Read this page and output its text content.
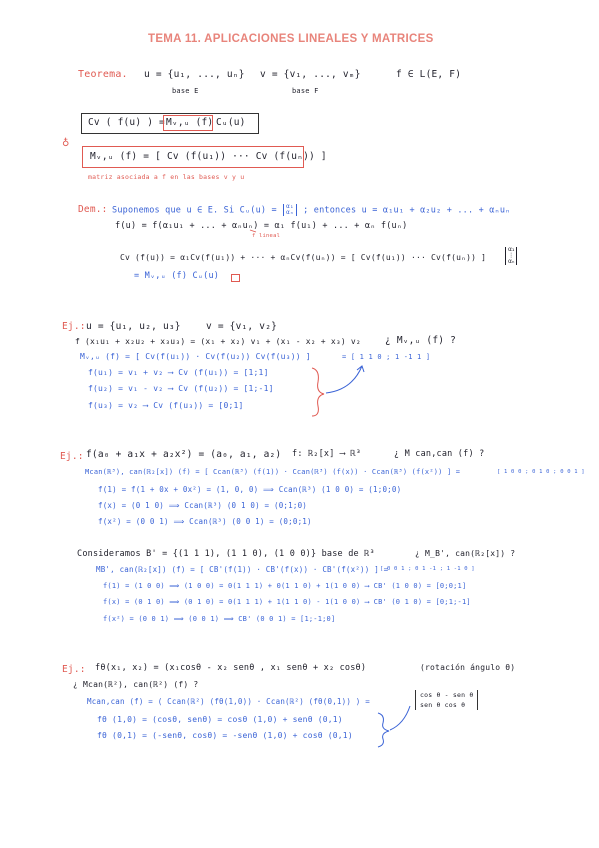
TEMA 11. APLICACIONES LINEALES Y MATRICES
Teorema. u = {u₁, ..., uₙ} v = {v₁, ..., vₘ}	f ∈ L(E, F)
base E	base F
Cv ( f(u) ) = Mᵥ,ᵤ (f) Cᵤ(u)
♁
Mᵥ,ᵤ (f) = [ Cv (f(u₁)) ··· Cv (f(uₙ)) ]
matriz asociada a f en las bases v y u
Dem.: Suponemos que u ∈ E. Si Cᵤ(u) = α₁
αₙ ; entonces u = α₁u₁ + α₂u₂ + ... + αₙuₙ
f(u) = f(α₁u₁ + ... + αₙuₙ) = α₁ f(u₁) + ... + αₙ f(uₙ)
f lineal
Cv (f(u)) = α₁Cv(f(u₁)) + ··· + αₙCv(f(uₙ)) = [ Cv(f(u₁)) ··· Cv(f(uₙ)) ]
α₁
⋮
αₙ
= Mᵥ,ᵤ (f) Cᵤ(u)
Ej.: u = {u₁, u₂, u₃}	v = {v₁, v₂}
f (x₁u₁ + x₂u₂ + x₃u₃) = (x₁ + x₂) v₁ + (x₁ - x₂ + x₃) v₂	¿ Mᵥ,ᵤ (f) ?
Mᵥ,ᵤ (f) = [ Cv(f(u₁)) · Cv(f(u₂)) Cv(f(u₃)) ]	= [ 1 1 0 ; 1 -1 1 ]
f(u₁) = v₁ + v₂ ⟶ Cv (f(u₁)) = [1;1]
f(u₂) = v₁ - v₂ ⟶ Cv (f(u₂)) = [1;-1]
f(u₃) = v₂ ⟶ Cv (f(u₃)) = [0;1]
Ej.: f(a₀ + a₁x + a₂x²) = (a₀, a₁, a₂) f: ℝ₂[x] ⟶ ℝ³	¿ M can,can (f) ?
Mcan(ℝ³), can(ℝ₂[x]) (f) = [ Ccan(ℝ³) (f(1)) · Ccan(ℝ³) (f(x)) · Ccan(ℝ³) (f(x²)) ] =	[ 1 0 0 ; 0 1 0 ; 0 0 1 ]
f(1) = f(1 + 0x + 0x²) = (1, 0, 0) ⟹ Ccan(ℝ³) (1 0 0) = (1;0;0)
f(x) = (0 1 0) ⟹ Ccan(ℝ³) (0 1 0) = (0;1;0)
f(x²) = (0 0 1) ⟹ Ccan(ℝ³) (0 0 1) = (0;0;1)
Consideramos B' = {(1 1 1), (1 1 0), (1 0 0)} base de ℝ³	¿ M_B', can(ℝ₂[x]) ?
MB', can(ℝ₂[x]) (f) = [ CB'(f(1)) · CB'(f(x)) · CB'(f(x²)) ] =
[ 0 0 1 ; 0 1 -1 ; 1 -1 0 ]
f(1) = (1 0 0) ⟹ (1 0 0) = 0(1 1 1) + 0(1 1 0) + 1(1 0 0) ⟶ CB' (1 0 0) = [0;0;1]
f(x) = (0 1 0) ⟹ (0 1 0) = 0(1 1 1) + 1(1 1 0) - 1(1 0 0) ⟶ CB' (0 1 0) = [0;1;-1]
f(x²) = (0 0 1) ⟹ (0 0 1) ⟹ CB' (0 0 1) = [1;-1;0]
Ej.: fθ(x₁, x₂) = (x₁cosθ - x₂ senθ , x₁ senθ + x₂ cosθ)	(rotación ángulo θ)
¿ Mcan(ℝ²), can(ℝ²) (f) ?
Mcan,can (f) = ( Ccan(ℝ²) (fθ(1,0)) · Ccan(ℝ²) (fθ(0,1)) ) =
cos θ - sen θ
sen θ cos θ
fθ (1,0) = (cosθ, senθ) = cosθ (1,0) + senθ (0,1)
fθ (0,1) = (-senθ, cosθ) = -senθ (1,0) + cosθ (0,1)
